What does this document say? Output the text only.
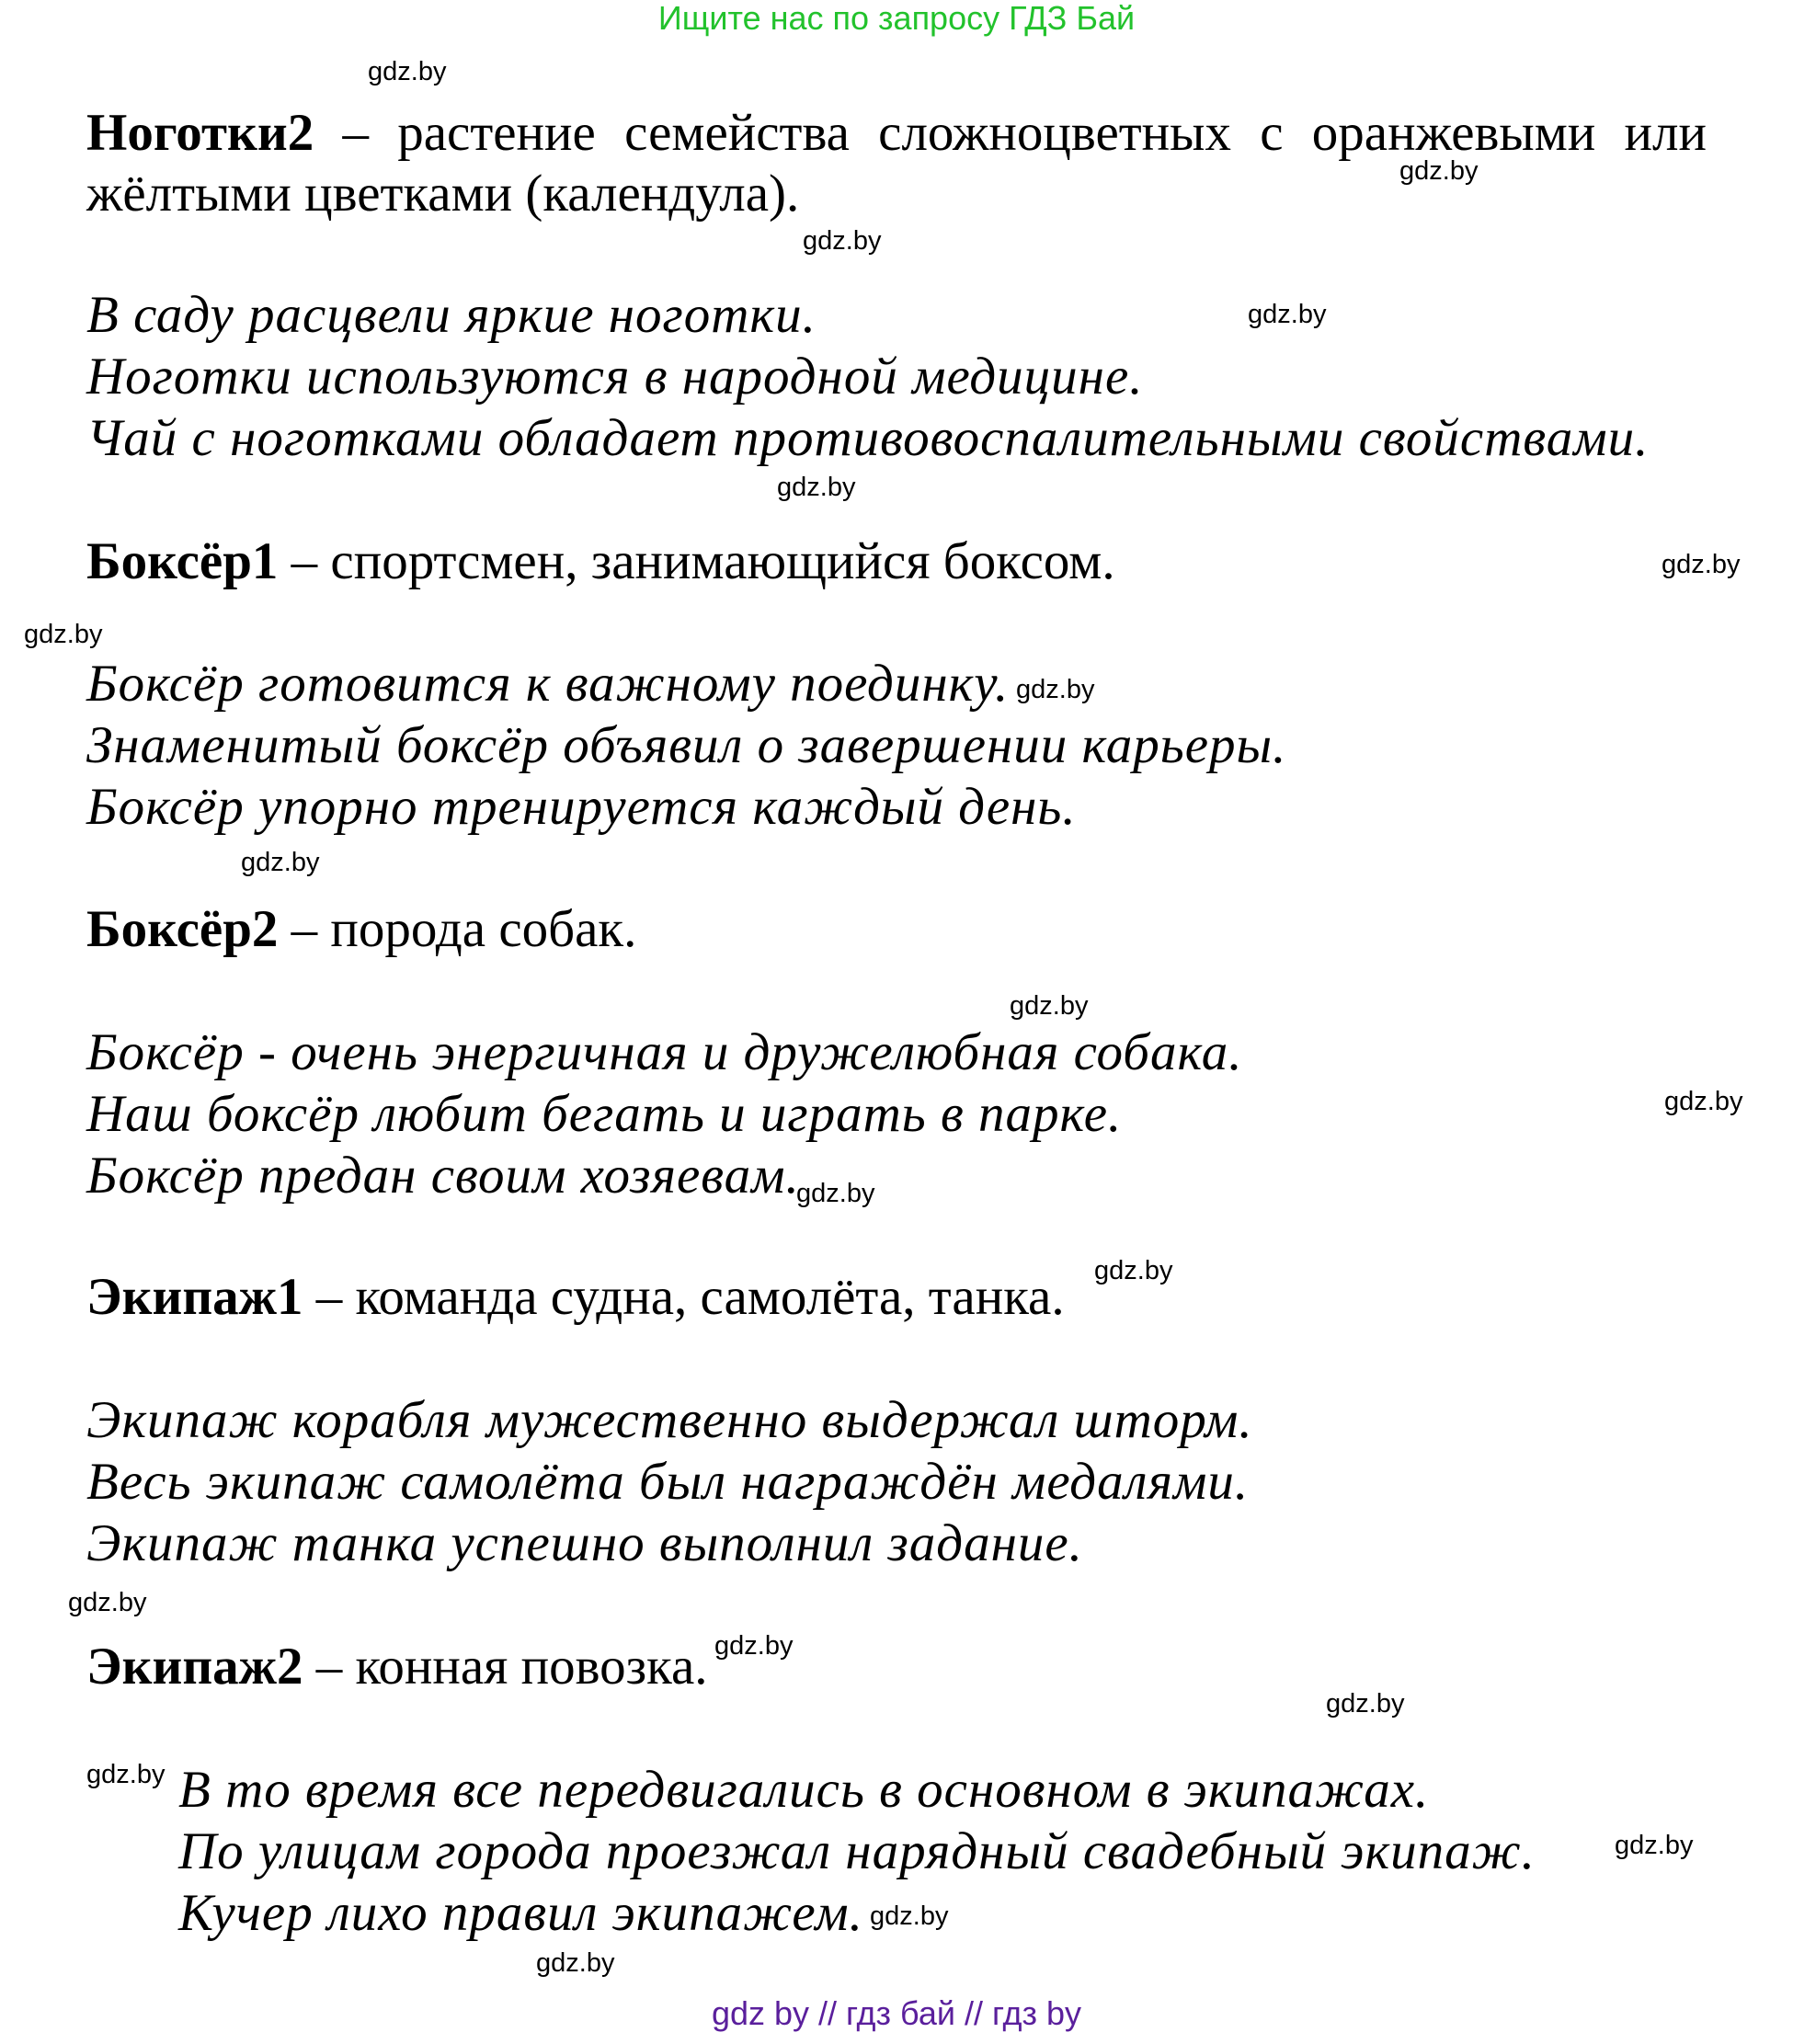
Ищите нас по запросу ГДЗ Бай
Ноготки2 – растение семейства сложноцветных с оранжевыми или жёлтыми цветками (календула).
В саду расцвели яркие ноготки.
Ноготки используются в народной медицине.
Чай с ноготками обладает противовоспалительными свойствами.
Боксёр1 – спортсмен, занимающийся боксом.
Боксёр готовится к важному поединку.
Знаменитый боксёр объявил о завершении карьеры.
Боксёр упорно тренируется каждый день.
Боксёр2 – порода собак.
Боксёр - очень энергичная и дружелюбная собака.
Наш боксёр любит бегать и играть в парке.
Боксёр предан своим хозяевам.
Экипаж1 – команда судна, самолёта, танка.
Экипаж корабля мужественно выдержал шторм.
Весь экипаж самолёта был награждён медалями.
Экипаж танка успешно выполнил задание.
Экипаж2 – конная повозка.
В то время все передвигались в основном в экипажах.
По улицам города проезжал нарядный свадебный экипаж.
Кучер лихо правил экипажем.
gdz.by
gdz.by
gdz.by
gdz.by
gdz.by
gdz.by
gdz.by
gdz.by
gdz.by
gdz.by
gdz.by
gdz.by
gdz.by
gdz.by
gdz.by
gdz.by
gdz.by
gdz.by
gdz.by
gdz.by
gdz by // гдз бай // гдз by
